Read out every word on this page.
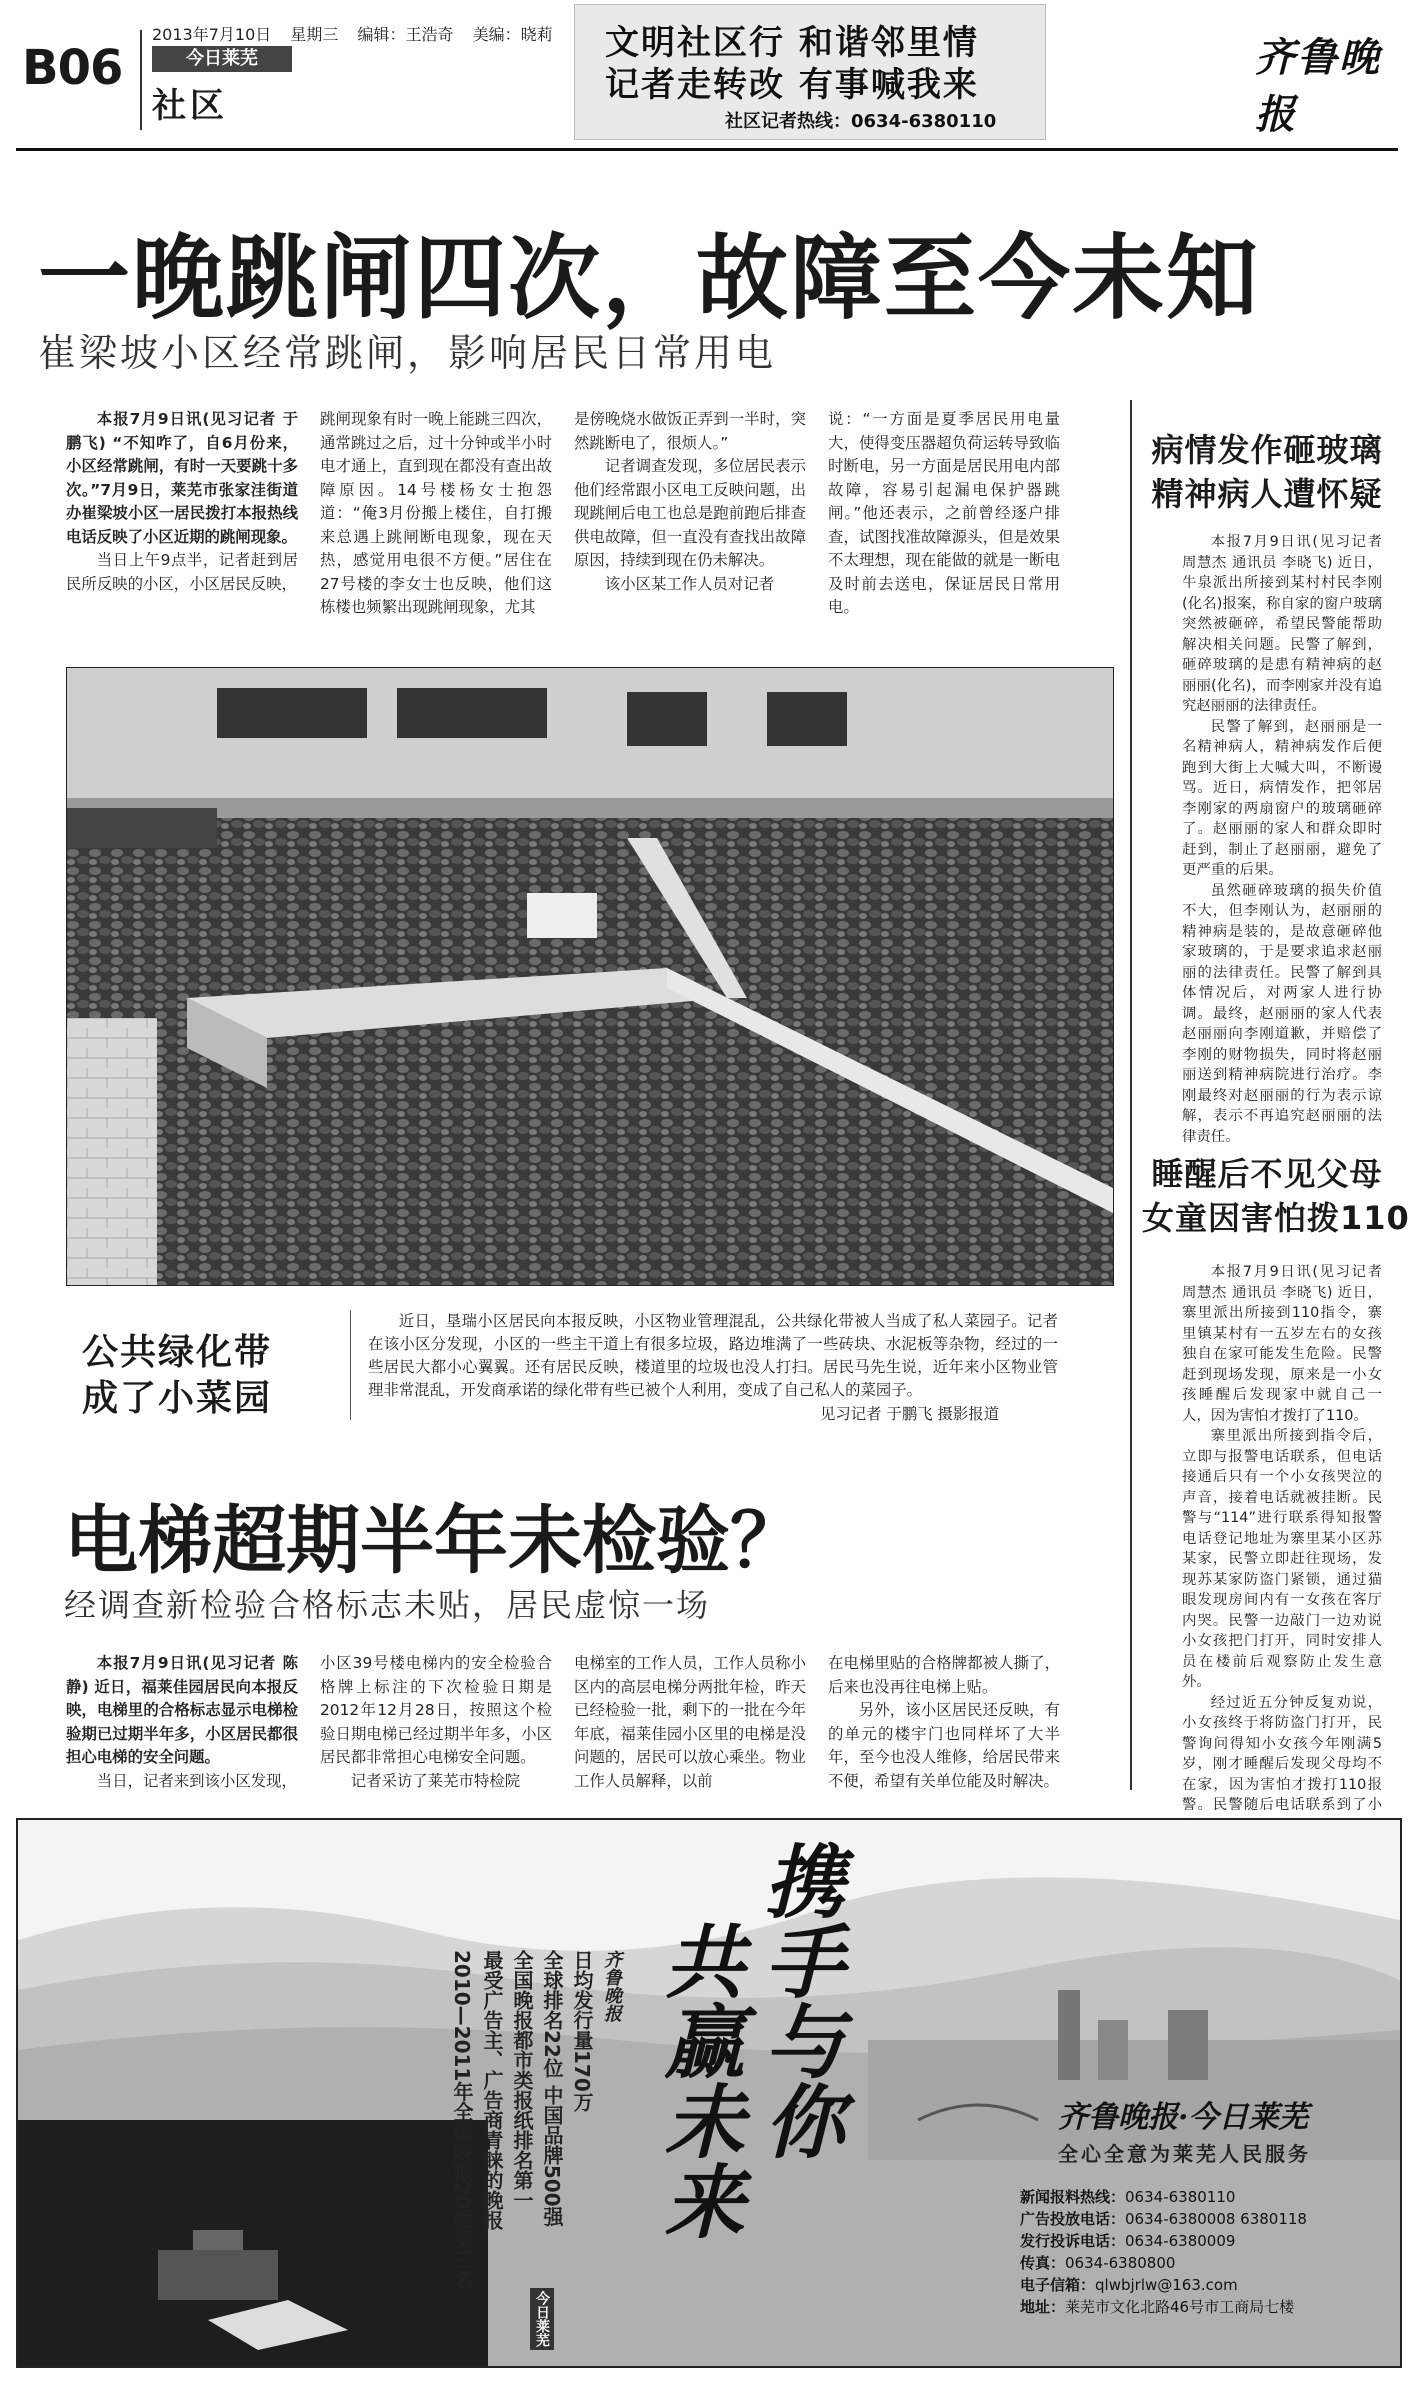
B06
2013年7月10日 星期三 编辑：王浩奇 美编：晓莉
今日莱芜
社区
文明社区行 和谐邻里情
记者走转改 有事喊我来
社区记者热线：0634-6380110
齐鲁晚报
一晚跳闸四次，故障至今未知
崔梁坡小区经常跳闸，影响居民日常用电

本报7月9日讯(见习记者 于鹏飞) “不知咋了，自6月份来，小区经常跳闸，有时一天要跳十多次。”7月9日，莱芜市张家洼街道办崔梁坡小区一居民拨打本报热线电话反映了小区近期的跳闸现象。

当日上午9点半，记者赶到居民所反映的小区，小区居民反映，

跳闸现象有时一晚上能跳三四次，通常跳过之后，过十分钟或半小时电才通上，直到现在都没有查出故障原因。14号楼杨女士抱怨道：“俺3月份搬上楼住，自打搬来总遇上跳闸断电现象，现在天热，感觉用电很不方便。”居住在27号楼的李女士也反映，他们这栋楼也频繁出现跳闸现象，尤其

是傍晚烧水做饭正弄到一半时，突然跳断电了，很烦人。”

记者调查发现，多位居民表示他们经常跟小区电工反映问题，出现跳闸后电工也总是跑前跑后排查供电故障，但一直没有查找出故障原因，持续到现在仍未解决。

该小区某工作人员对记者

说：“一方面是夏季居民用电量大，使得变压器超负荷运转导致临时断电，另一方面是居民用电内部故障，容易引起漏电保护器跳闸。”他还表示，之前曾经逐户排查，试图找准故障源头，但是效果不太理想，现在能做的就是一断电及时前去送电，保证居民日常用电。

病情发作砸玻璃
精神病人遭怀疑

本报7月9日讯(见习记者 周慧杰 通讯员 李晓飞) 近日，牛泉派出所接到某村村民李刚(化名)报案，称自家的窗户玻璃突然被砸碎，希望民警能帮助解决相关问题。民警了解到，砸碎玻璃的是患有精神病的赵丽丽(化名)，而李刚家并没有追究赵丽丽的法律责任。

民警了解到，赵丽丽是一名精神病人，精神病发作后便跑到大街上大喊大叫，不断谩骂。近日，病情发作，把邻居李刚家的两扇窗户的玻璃砸碎了。赵丽丽的家人和群众即时赶到，制止了赵丽丽，避免了更严重的后果。

虽然砸碎玻璃的损失价值不大，但李刚认为，赵丽丽的精神病是装的，是故意砸碎他家玻璃的，于是要求追求赵丽丽的法律责任。民警了解到具体情况后，对两家人进行协调。最终，赵丽丽的家人代表赵丽丽向李刚道歉，并赔偿了李刚的财物损失，同时将赵丽丽送到精神病院进行治疗。李刚最终对赵丽丽的行为表示谅解，表示不再追究赵丽丽的法律责任。

睡醒后不见父母
女童因害怕拨110

本报7月9日讯(见习记者 周慧杰 通讯员 李晓飞) 近日，寨里派出所接到110指令，寨里镇某村有一五岁左右的女孩独自在家可能发生危险。民警赶到现场发现，原来是一小女孩睡醒后发现家中就自己一人，因为害怕才拨打了110。

寨里派出所接到指令后，立即与报警电话联系，但电话接通后只有一个小女孩哭泣的声音，接着电话就被挂断。民警与“114”进行联系得知报警电话登记地址为寨里某小区苏某家，民警立即赶往现场，发现苏某家防盗门紧锁，通过猫眼发现房间内有一女孩在客厅内哭。民警一边敲门一边劝说小女孩把门打开，同时安排人员在楼前后观察防止发生意外。

经过近五分钟反复劝说，小女孩终于将防盗门打开，民警询问得知小女孩今年刚满5岁，刚才睡醒后发现父母均不在家，因为害怕才拨打110报警。民警随后电话联系到了小

公共绿化带
成了小菜园

近日，垦瑞小区居民向本报反映，小区物业管理混乱，公共绿化带被人当成了私人菜园子。记者在该小区分发现，小区的一些主干道上有很多垃圾，路边堆满了一些砖块、水泥板等杂物，经过的一些居民大都小心翼翼。还有居民反映，楼道里的垃圾也没人打扫。居民马先生说，近年来小区物业管理非常混乱，开发商承诺的绿化带有些已被个人利用，变成了自己私人的菜园子。

见习记者 于鹏飞 摄影报道
电梯超期半年未检验？
经调查新检验合格标志未贴，居民虚惊一场

本报7月9日讯(见习记者 陈静) 近日，福莱佳园居民向本报反映，电梯里的合格标志显示电梯检验期已过期半年多，小区居民都很担心电梯的安全问题。

当日，记者来到该小区发现，

小区39号楼电梯内的安全检验合格牌上标注的下次检验日期是2012年12月28日，按照这个检验日期电梯已经过期半年多，小区居民都非常担心电梯安全问题。

记者采访了莱芜市特检院

电梯室的工作人员，工作人员称小区内的高层电梯分两批年检，昨天已经检验一批，剩下的一批在今年年底，福莱佳园小区里的电梯是没问题的，居民可以放心乘坐。物业工作人员解释，以前

在电梯里贴的合格牌都被人撕了，后来也没再往电梯上贴。

另外，该小区居民还反映，有的单元的楼宇门也同样坏了大半年，至今也没人维修，给居民带来不便，希望有关单位能及时解决。

携手与你
共赢未来
齐鲁晚报
日均发行量170万
全球排名22位 中国品牌500强
全国晚报都市类报纸排名第一
最受广告主、广告商青睐的晚报
2010—2011年全国晚报20强第三名
今日莱芜
齐鲁晚报·今日莱芜
全心全意为莱芜人民服务
新闻报料热线：0634-6380110
广告投放电话：0634-6380008 6380118
发行投诉电话：0634-6380009
传真：0634-6380800
电子信箱：qlwbjrlw@163.com
地址：莱芜市文化北路46号市工商局七楼
